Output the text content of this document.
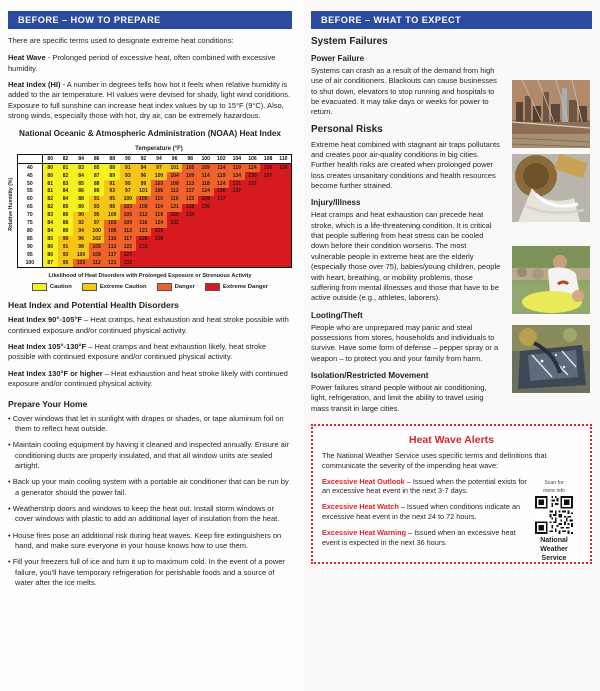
BEFORE – HOW TO PREPARE

There are specific terms used to designate extreme heat conditions:

Heat Wave - Prolonged period of excessive heat, often combined with excessive humidity.

Heat Index (HI) - A number in degrees tells how hot it feels when relative humidity is added to the air temperature. HI values were devised for shady, light wind conditions. Exposure to full sunshine can increase heat index values by up to 15°F (9°C). Also, strong winds, especially those with hot, dry air, can be extremely hazardous.

National Oceanic & Atmospheric Administration (NOAA) Heat Index
Temperature (°F)
Relative Humidity (%)
	80	82	84	86	88	90	92	94	96	98	100	102	104	106	108	110
40	80	81	83	85	88	91	94	97	101	105	109	114	119	124	130	136
45	80	82	84	87	89	93	96	100	104	109	114	119	124	130	137	
50	81	83	85	88	91	95	99	103	108	113	118	124	131	137		
55	81	84	86	89	93	97	101	106	112	117	124	130	137			
60	82	84	88	91	95	100	105	110	116	123	129	137				
65	82	85	89	93	98	103	108	114	121	128	136					
70	83	86	90	95	100	105	112	119	126	134						
75	84	88	92	97	103	109	116	124	132							
80	84	89	94	100	106	113	121	129								
85	85	90	96	102	110	117	126	135								
90	86	91	98	105	113	122	131									
95	86	93	100	108	117	127										
100	87	95	103	112	121	132										
Likelihood of Heat Disorders with Prolonged Exposure or Strenuous Activity
Caution	Extreme Caution	Danger	Extreme Danger
Heat Index and Potential Health Disorders

Heat Index 90°-105°F – Heat cramps, heat exhaustion and heat stroke possible with continued exposure and/or continued physical activity.

Heat Index 105°-130°F – Heat cramps and heat exhaustion likely, heat stroke possible with continued exposure and/or continued physical activity.

Heat Index 130°F or higher – Heat exhaustion and heat stroke likely with continued exposure and/or continued physical activity.

Prepare Your Home

• Cover windows that let in sunlight with drapes or shades, or tape aluminum foil on them to reflect heat outside.

• Maintain cooling equipment by having it cleaned and inspected annually. Ensure air conditioning ducts are properly insulated, and that all window units are sealed airtight.

• Back up your main cooling system with a portable air conditioner that can be run by a generator should the power fail.

• Weatherstrip doors and windows to keep the heat out. Install storm windows or cover windows with plastic to add an additional layer of insulation from the heat.

• House fires pose an additional risk during heat waves. Keep fire extinguishers on hand, and make sure everyone in your house knows how to use them.

• Fill your freezers full of ice and turn it up to maximum cold. In the event of a power failure, you'll have temporary refrigeration for perishable foods and a source of water after the ice melts.

BEFORE – WHAT TO EXPECT
System Failures
Power Failure

Systems can crash as a result of the demand from high use of air conditioners. Blackouts can cause businesses to shut down, elevators to stop running and hospitals to be evacuated. It may take days or weeks for power to return.

Personal Risks

Extreme heat combined with stagnant air traps pollutants and creates poor air-quality conditions in big cities. Further health risks are created when prolonged power loss creates unsanitary conditions and health resources become further strained.

Injury/Illness

Heat cramps and heat exhaustion can precede heat stroke, which is a life-threatening condition. It is critical that people suffering from heat stress can be cooled down before their condition worsens. The most vulnerable people in extreme heat are the elderly (especially those over 75), babies/young children, people with heart, breathing, or mobility problems, those suffering from mental illnesses and those that have to be active outside (e.g., athletes, laborers).

Looting/Theft

People who are unprepared may panic and steal possessions from stores, households and individuals to survive. Have some form of defense – pepper spray or a weapon – to protect you and your family from harm.

Isolation/Restricted Movement

Power failures strand people without air conditioning, light, refrigeration, and limit the ability to travel using mass transit in large cities.

Heat Wave Alerts

The National Weather Service uses specific terms and definitions that communicate the severity of the impending heat wave:

Scan for
more info
National
Weather
Service

Excessive Heat Outlook – Issued when the potential exists for an excessive heat event in the next 3-7 days.

Excessive Heat Watch – Issued when conditions indicate an excessive heat event in the next 24 to 72 hours.

Excessive Heat Warning – Issued when an excessive heat event is expected in the next 36 hours.
